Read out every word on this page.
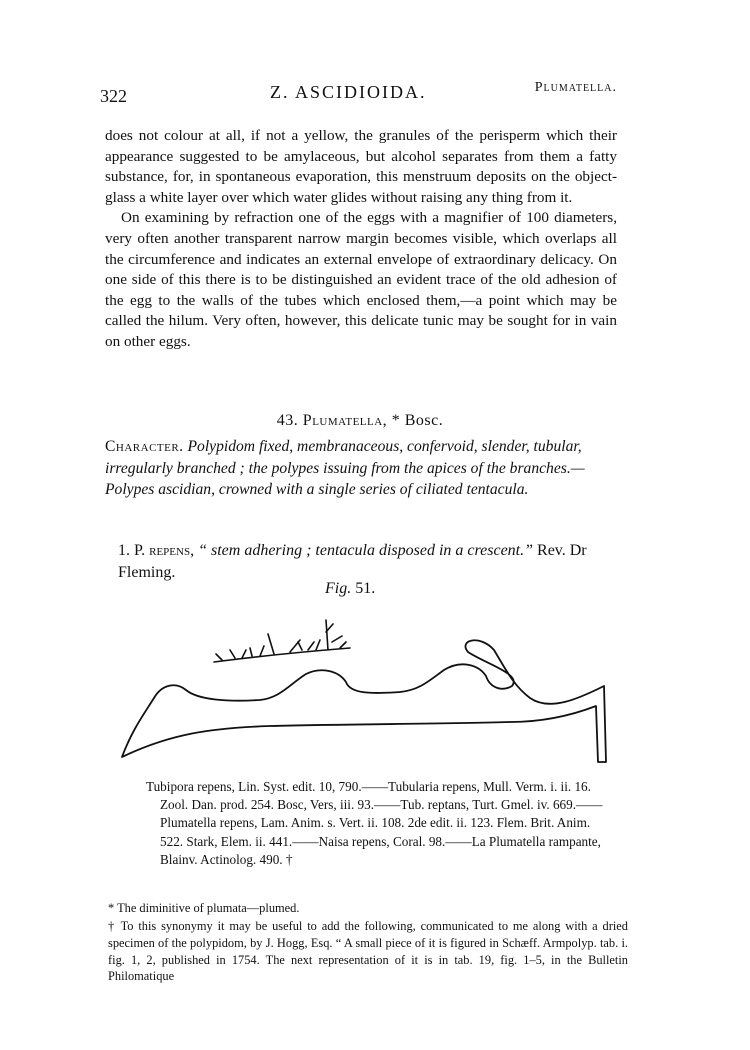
322	Z. ASCIDIOIDA.	Plumatella.

does not colour at all, if not a yellow, the granules of the perisperm which their appearance suggested to be amylaceous, but alcohol separates from them a fatty substance, for, in spontaneous evaporation, this menstruum deposits on the object-glass a white layer over which water glides without raising any thing from it.

On examining by refraction one of the eggs with a magnifier of 100 diameters, very often another transparent narrow margin becomes visible, which overlaps all the circumference and indicates an external envelope of extraordinary delicacy. On one side of this there is to be distinguished an evident trace of the old adhesion of the egg to the walls of the tubes which enclosed them,—a point which may be called the hilum. Very often, however, this delicate tunic may be sought for in vain on other eggs.

43. Plumatella, * Bosc.
Character. Polypidom fixed, membranaceous, confervoid, slender, tubular, irregularly branched ; the polypes issuing from the apices of the branches.—Polypes ascidian, crowned with a single series of ciliated tentacula.
1. P. repens, “ stem adhering ; tentacula disposed in a crescent.” Rev. Dr Fleming.
Fig. 51.

Tubipora repens, Lin. Syst. edit. 10, 790.——Tubularia repens, Mull. Verm. i. ii. 16. Zool. Dan. prod. 254. Bosc, Vers, iii. 93.——Tub. reptans, Turt. Gmel. iv. 669.——Plumatella repens, Lam. Anim. s. Vert. ii. 108. 2de edit. ii. 123. Flem. Brit. Anim. 522. Stark, Elem. ii. 441.——Naisa repens, Coral. 98.——La Plumatella rampante, Blainv. Actinolog. 490. †

* The diminitive of plumata—plumed.

† To this synonymy it may be useful to add the following, communicated to me along with a dried specimen of the polypidom, by J. Hogg, Esq. “ A small piece of it is figured in Schæff. Armpolyp. tab. i. fig. 1, 2, published in 1754. The next representation of it is in tab. 19, fig. 1–5, in the Bulletin Philomatique
